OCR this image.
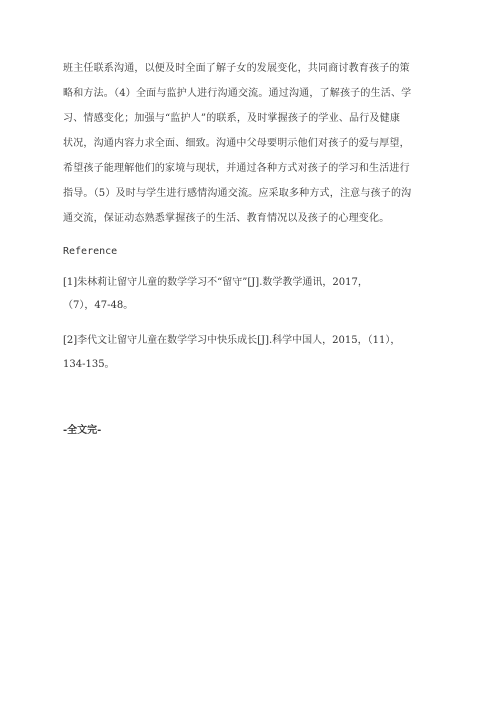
班主任联系沟通，以便及时全面了解子女的发展变化，共同商讨教育孩子的策
略和方法。（4）全面与监护人进行沟通交流。通过沟通，了解孩子的生活、学
习、情感变化；加强与“监护人”的联系，及时掌握孩子的学业、品行及健康
状况，沟通内容力求全面、细致。沟通中父母要明示他们对孩子的爱与厚望，
希望孩子能理解他们的家境与现状，并通过各种方式对孩子的学习和生活进行
指导。（5）及时与学生进行感情沟通交流。应采取多种方式，注意与孩子的沟
通交流，保证动态熟悉掌握孩子的生活、教育情况以及孩子的心理变化。
Reference
[1]朱林莉让留守儿童的数学学习不“留守”[J].数学教学通讯，2017，
（7），47-48。
[2]李代文让留守儿童在数学学习中快乐成长[J].科学中国人，2015，（11），
134-135。
-全文完-
